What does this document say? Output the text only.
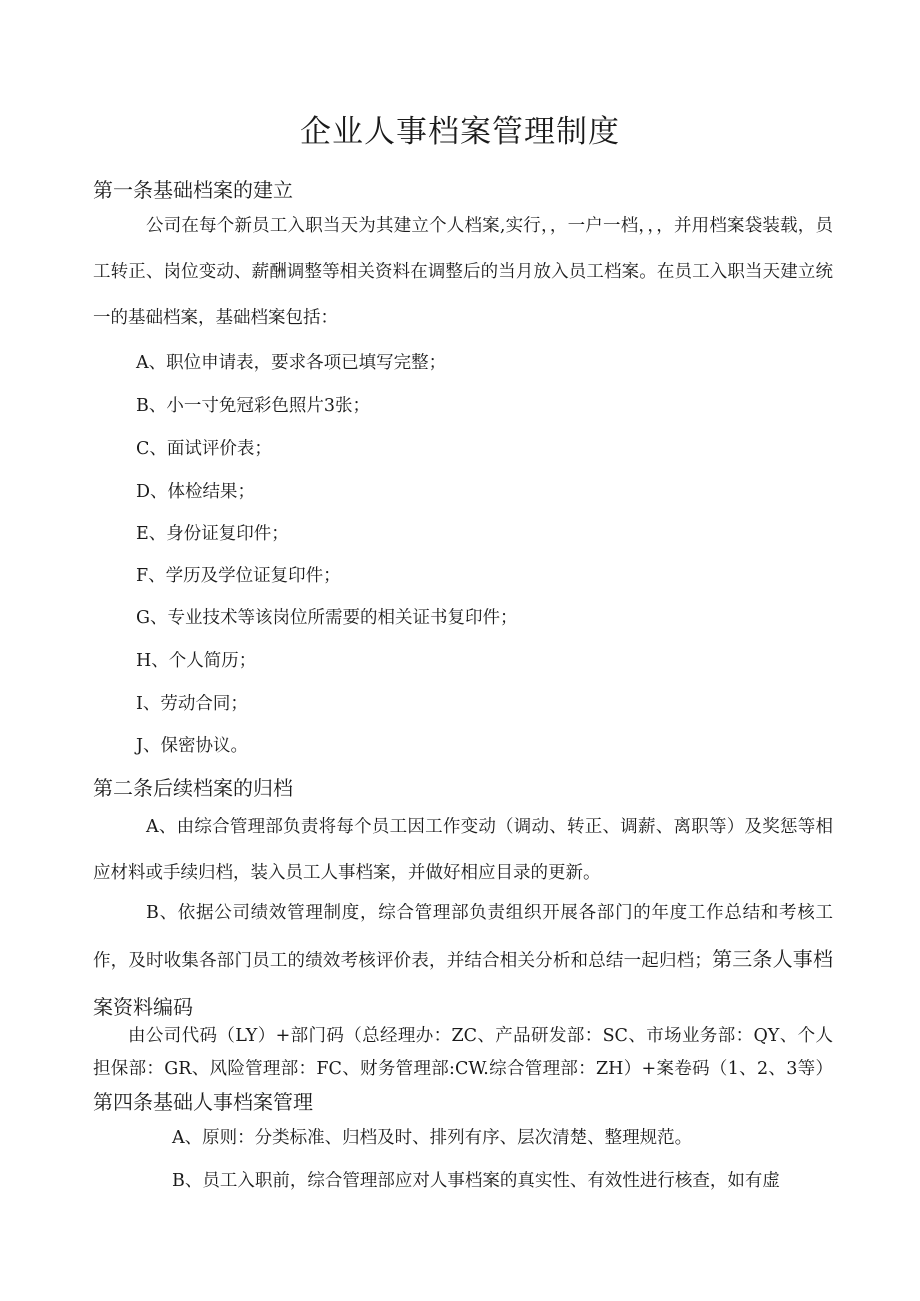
企业人事档案管理制度
第一条基础档案的建立
公司在每个新员工入职当天为其建立个人档案,实行，，一户一档，，，并用档案袋装载，员工转正、岗位变动、薪酬调整等相关资料在调整后的当月放入员工档案。在员工入职当天建立统一的基础档案，基础档案包括：
A、职位申请表，要求各项已填写完整；
B、小一寸免冠彩色照片3张；
C、面试评价表；
D、体检结果；
E、身份证复印件；
F、学历及学位证复印件；
G、专业技术等该岗位所需要的相关证书复印件；
H、个人简历；
I、劳动合同；
J、保密协议。
第二条后续档案的归档
A、由综合管理部负责将每个员工因工作变动（调动、转正、调薪、离职等）及奖惩等相应材料或手续归档，装入员工人事档案，并做好相应目录的更新。
B、依据公司绩效管理制度，综合管理部负责组织开展各部门的年度工作总结和考核工作，及时收集各部门员工的绩效考核评价表，并结合相关分析和总结一起归档；第三条人事档案资料编码
由公司代码（LY）+部门码（总经理办：ZC、产品研发部：SC、市场业务部：QY、个人担保部：GR、风险管理部：FC、财务管理部:CW.综合管理部：ZH）+案卷码（1、2、3等）第四条基础人事档案管理
A、原则：分类标准、归档及时、排列有序、层次清楚、整理规范。
B、员工入职前，综合管理部应对人事档案的真实性、有效性进行核查，如有虚
